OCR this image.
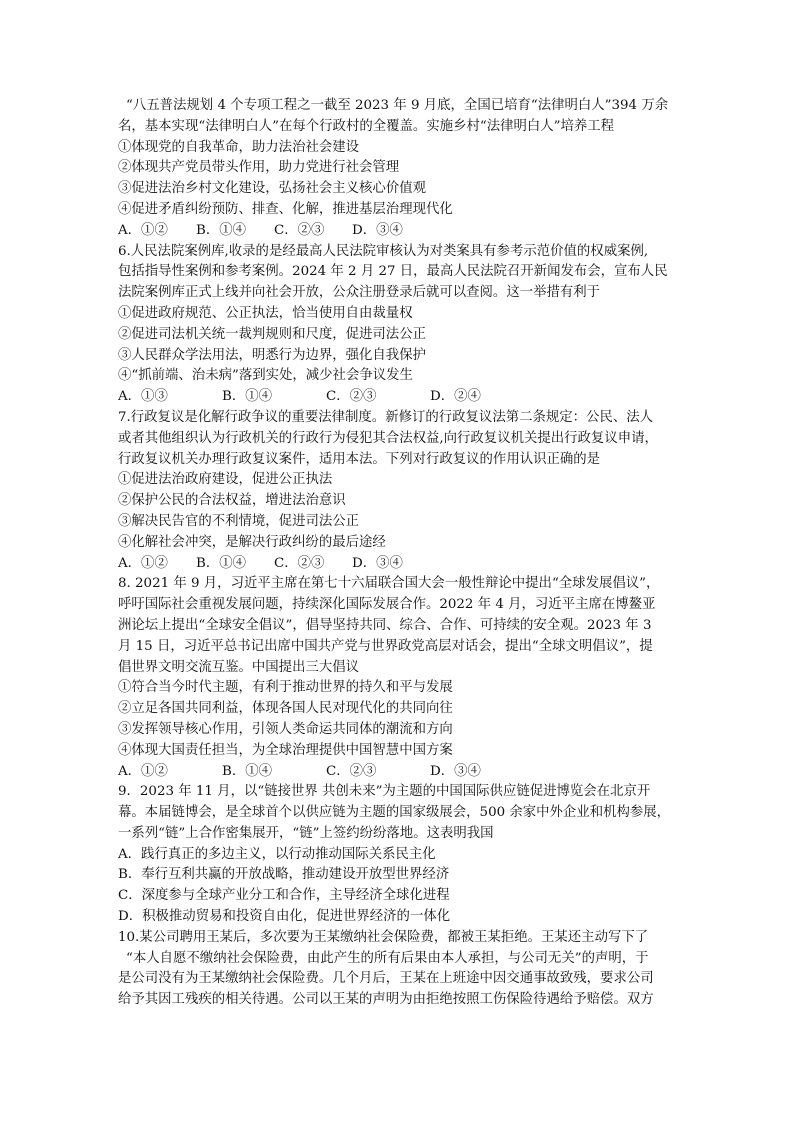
“八五普法规划 4 个专项工程之一截至 2023 年 9 月底，全国已培育“法律明白人”394 万余
名，基本实现“法律明白人”在每个行政村的全覆盖。实施乡村“法律明白人”培养工程
①体现党的自我革命，助力法治社会建设
②体现共产党员带头作用，助力党进行社会管理
③促进法治乡村文化建设，弘扬社会主义核心价值观
④促进矛盾纠纷预防、排查、化解，推进基层治理现代化
A．①②	B．①④	C．②③	D．③④
6.人民法院案例库,收录的是经最高人民法院审核认为对类案具有参考示范价值的权威案例,
包括指导性案例和参考案例。2024 年 2 月 27 日，最高人民法院召开新闻发布会，宣布人民
法院案例库正式上线并向社会开放，公众注册登录后就可以查阅。这一举措有利于
①促进政府规范、公正执法，恰当使用自由裁量权
②促进司法机关统一裁判规则和尺度，促进司法公正
③人民群众学法用法，明悉行为边界，强化自我保护
④“抓前端、治未病”落到实处，减少社会争议发生
A．①③	B．①④	C．②③	D．②④
7.行政复议是化解行政争议的重要法律制度。新修订的行政复议法第二条规定：公民、法人
或者其他组织认为行政机关的行政行为侵犯其合法权益,向行政复议机关提出行政复议申请，
行政复议机关办理行政复议案件，适用本法。下列对行政复议的作用认识正确的是
①促进法治政府建设，促进公正执法
②保护公民的合法权益，增进法治意识
③解决民告官的不利情境，促进司法公正
④化解社会冲突，是解决行政纠纷的最后途经
A．①②	B．①④	C．②③	D．③④
8. 2021 年 9 月，习近平主席在第七十六届联合国大会一般性辩论中提出“全球发展倡议”，
呼吁国际社会重视发展问题，持续深化国际发展合作。2022 年 4 月，习近平主席在博鳌亚
洲论坛上提出“全球安全倡议”，倡导坚持共同、综合、合作、可持续的安全观。2023 年 3
月 15 日，习近平总书记出席中国共产党与世界政党高层对话会，提出“全球文明倡议”，提
倡世界文明交流互鉴。中国提出三大倡议
①符合当今时代主题，有利于推动世界的持久和平与发展
②立足各国共同利益，体现各国人民对现代化的共同向往
③发挥领导核心作用，引领人类命运共同体的潮流和方向
④体现大国责任担当，为全球治理提供中国智慧中国方案
A．①②	B．①④	C．②③	D．③④
9．2023 年 11 月，以“链接世界 共创未来”为主题的中国国际供应链促进博览会在北京开
幕。本届链博会，是全球首个以供应链为主题的国家级展会，500 余家中外企业和机构参展，
一系列“链”上合作密集展开，“链”上签约纷纷落地。这表明我国
A．践行真正的多边主义，以行动推动国际关系民主化
B．奉行互利共赢的开放战略，推动建设开放型世界经济
C．深度参与全球产业分工和合作，主导经济全球化进程
D．积极推动贸易和投资自由化，促进世界经济的一体化
10.某公司聘用王某后，多次要为王某缴纳社会保险费，都被王某拒绝。王某还主动写下了
“本人自愿不缴纳社会保险费，由此产生的所有后果由本人承担，与公司无关”的声明，于
是公司没有为王某缴纳社会保险费。几个月后，王某在上班途中因交通事故致残，要求公司
给予其因工残疾的相关待遇。公司以王某的声明为由拒绝按照工伤保险待遇给予赔偿。双方
